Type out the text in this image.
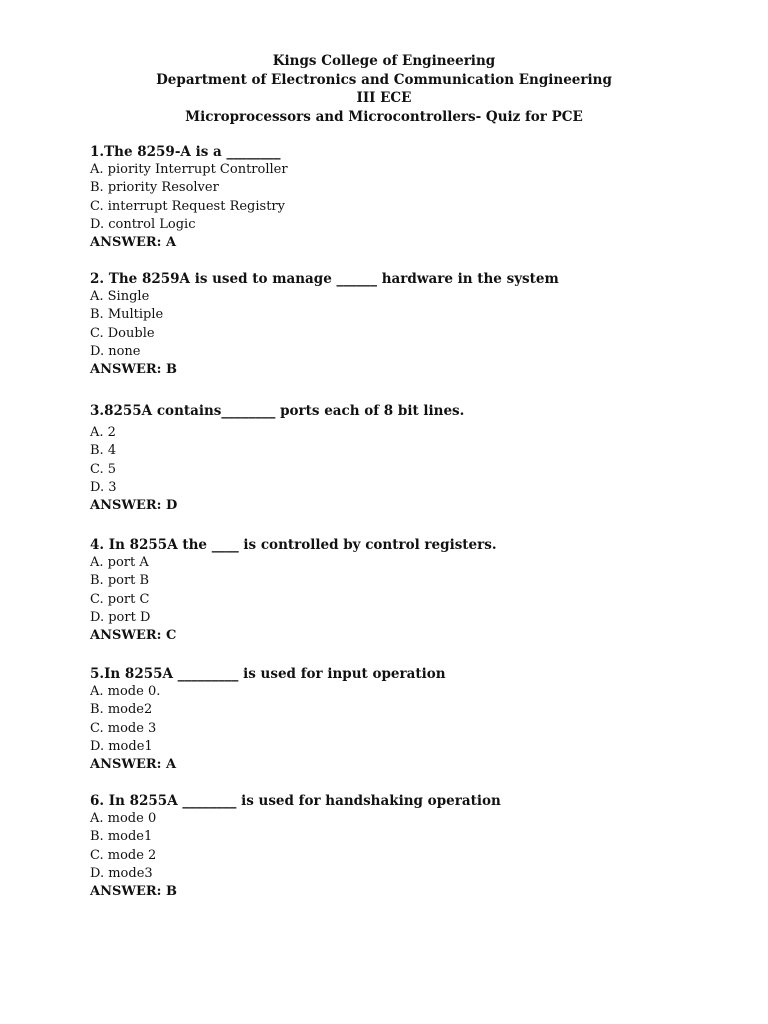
Kings College of Engineering
Department of Electronics and Communication Engineering
III ECE
Microprocessors and Microcontrollers- Quiz for PCE
1.The 8259-A is a ________
A. piority Interrupt Controller
B. priority Resolver
C. interrupt Request Registry
D. control Logic
ANSWER: A
2. The 8259A is used to manage ______ hardware in the system
A. Single
B. Multiple
C. Double
D. none
ANSWER: B
3.8255A contains________ ports each of 8 bit lines.
A. 2
B. 4
C. 5
D. 3
ANSWER: D
4. In 8255A the ____ is controlled by control registers.
A. port A
B. port B
C. port C
D. port D
ANSWER: C
5.In 8255A _________ is used for input operation
A. mode 0.
B. mode2
C. mode 3
D. mode1
ANSWER: A
6. In 8255A ________ is used for handshaking operation
A. mode 0
B. mode1
C. mode 2
D. mode3
ANSWER: B
